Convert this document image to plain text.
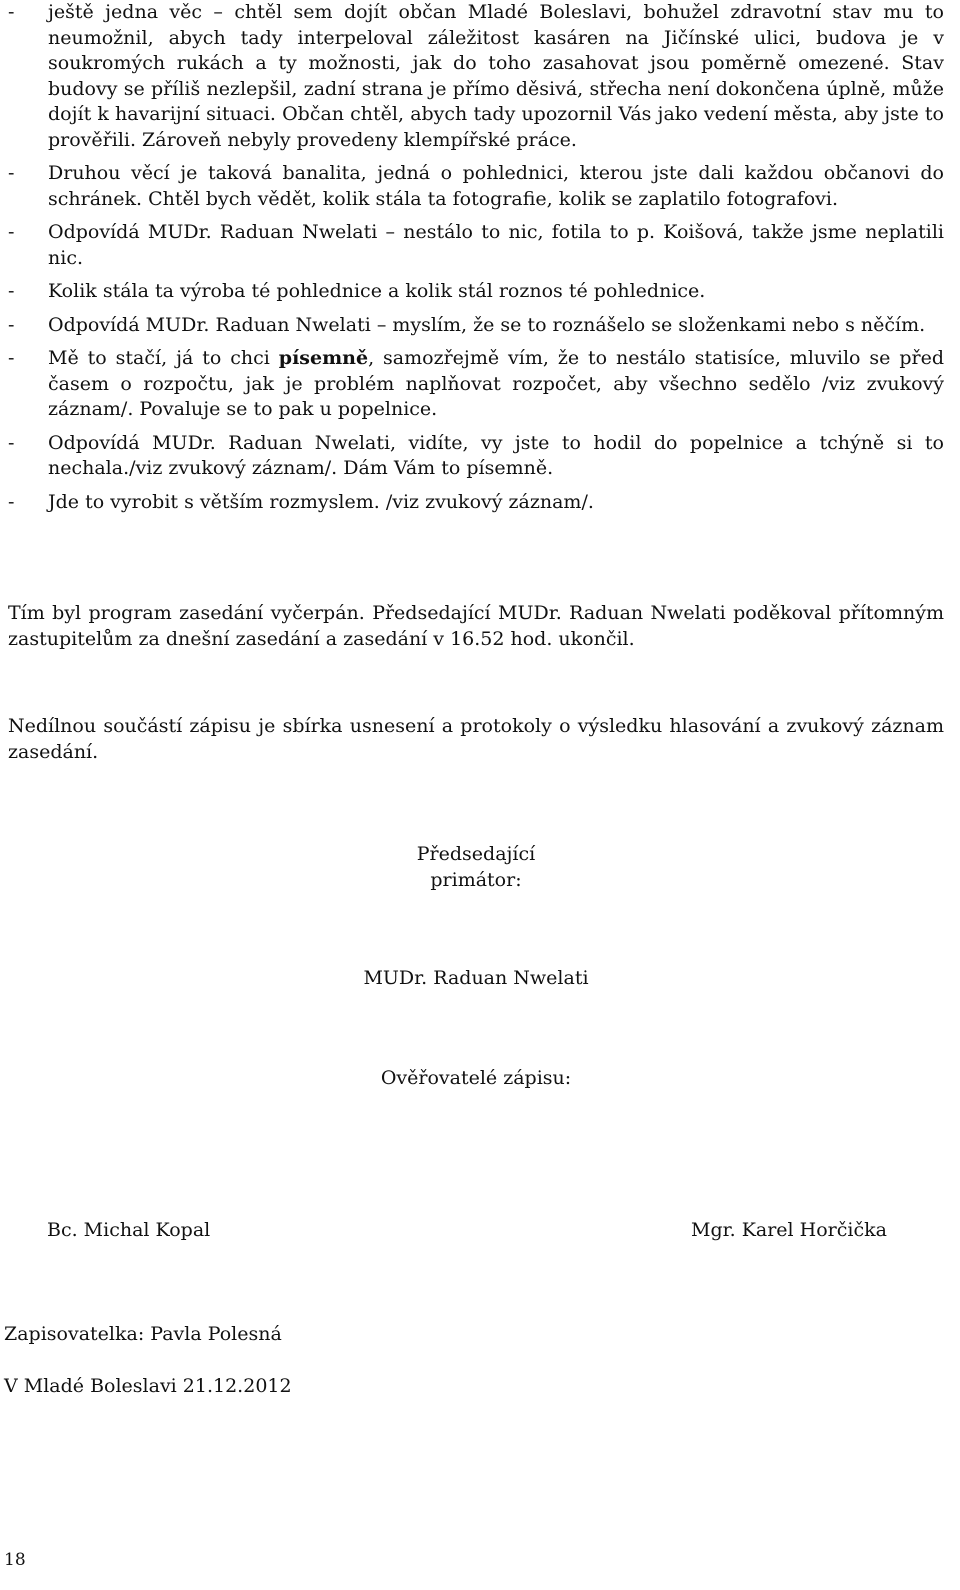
-	ještě jedna věc – chtěl sem dojít občan Mladé Boleslavi, bohužel zdravotní stav mu to neumožnil, abych tady interpeloval záležitost kasáren na Jičínské ulici, budova je v soukromých rukách a ty možnosti, jak do toho zasahovat jsou poměrně omezené. Stav budovy se příliš nezlepšil, zadní strana je přímo děsivá, střecha není dokončena úplně, může dojít k havarijní situaci. Občan chtěl, abych tady upozornil Vás jako vedení města, aby jste to prověřili. Zároveň nebyly provedeny klempířské práce.
-	Druhou věcí je taková banalita, jedná o pohlednici, kterou jste dali každou občanovi do schránek. Chtěl bych vědět, kolik stála ta fotografie, kolik se zaplatilo fotografovi.
-	Odpovídá MUDr. Raduan Nwelati – nestálo to nic, fotila to p. Koišová, takže jsme neplatili nic.
-	Kolik stála ta výroba té pohlednice a kolik stál roznos té pohlednice.
-	Odpovídá MUDr. Raduan Nwelati – myslím, že se to roznášelo se složenkami nebo s něčím.
-	Mě to stačí, já to chci písemně, samozřejmě vím, že to nestálo statisíce, mluvilo se před časem o rozpočtu, jak je problém naplňovat rozpočet, aby všechno sedělo /viz zvukový záznam/. Povaluje se to pak u popelnice.
-	Odpovídá MUDr. Raduan Nwelati, vidíte, vy jste to hodil do popelnice a tchýně si to nechala./viz zvukový záznam/. Dám Vám to písemně.
-	Jde to vyrobit s větším rozmyslem. /viz zvukový záznam/.
Tím byl program zasedání vyčerpán. Předsedající MUDr. Raduan Nwelati poděkoval přítomným zastupitelům za dnešní zasedání a zasedání v 16.52 hod. ukončil.
Nedílnou součástí zápisu je sbírka usnesení a protokoly o výsledku hlasování a zvukový záznam zasedání.
Předsedající
primátor:
MUDr. Raduan Nwelati
Ověřovatelé zápisu:
Bc. Michal Kopal	Mgr. Karel Horčička
Zapisovatelka: Pavla Polesná
V Mladé Boleslavi 21.12.2012
18
